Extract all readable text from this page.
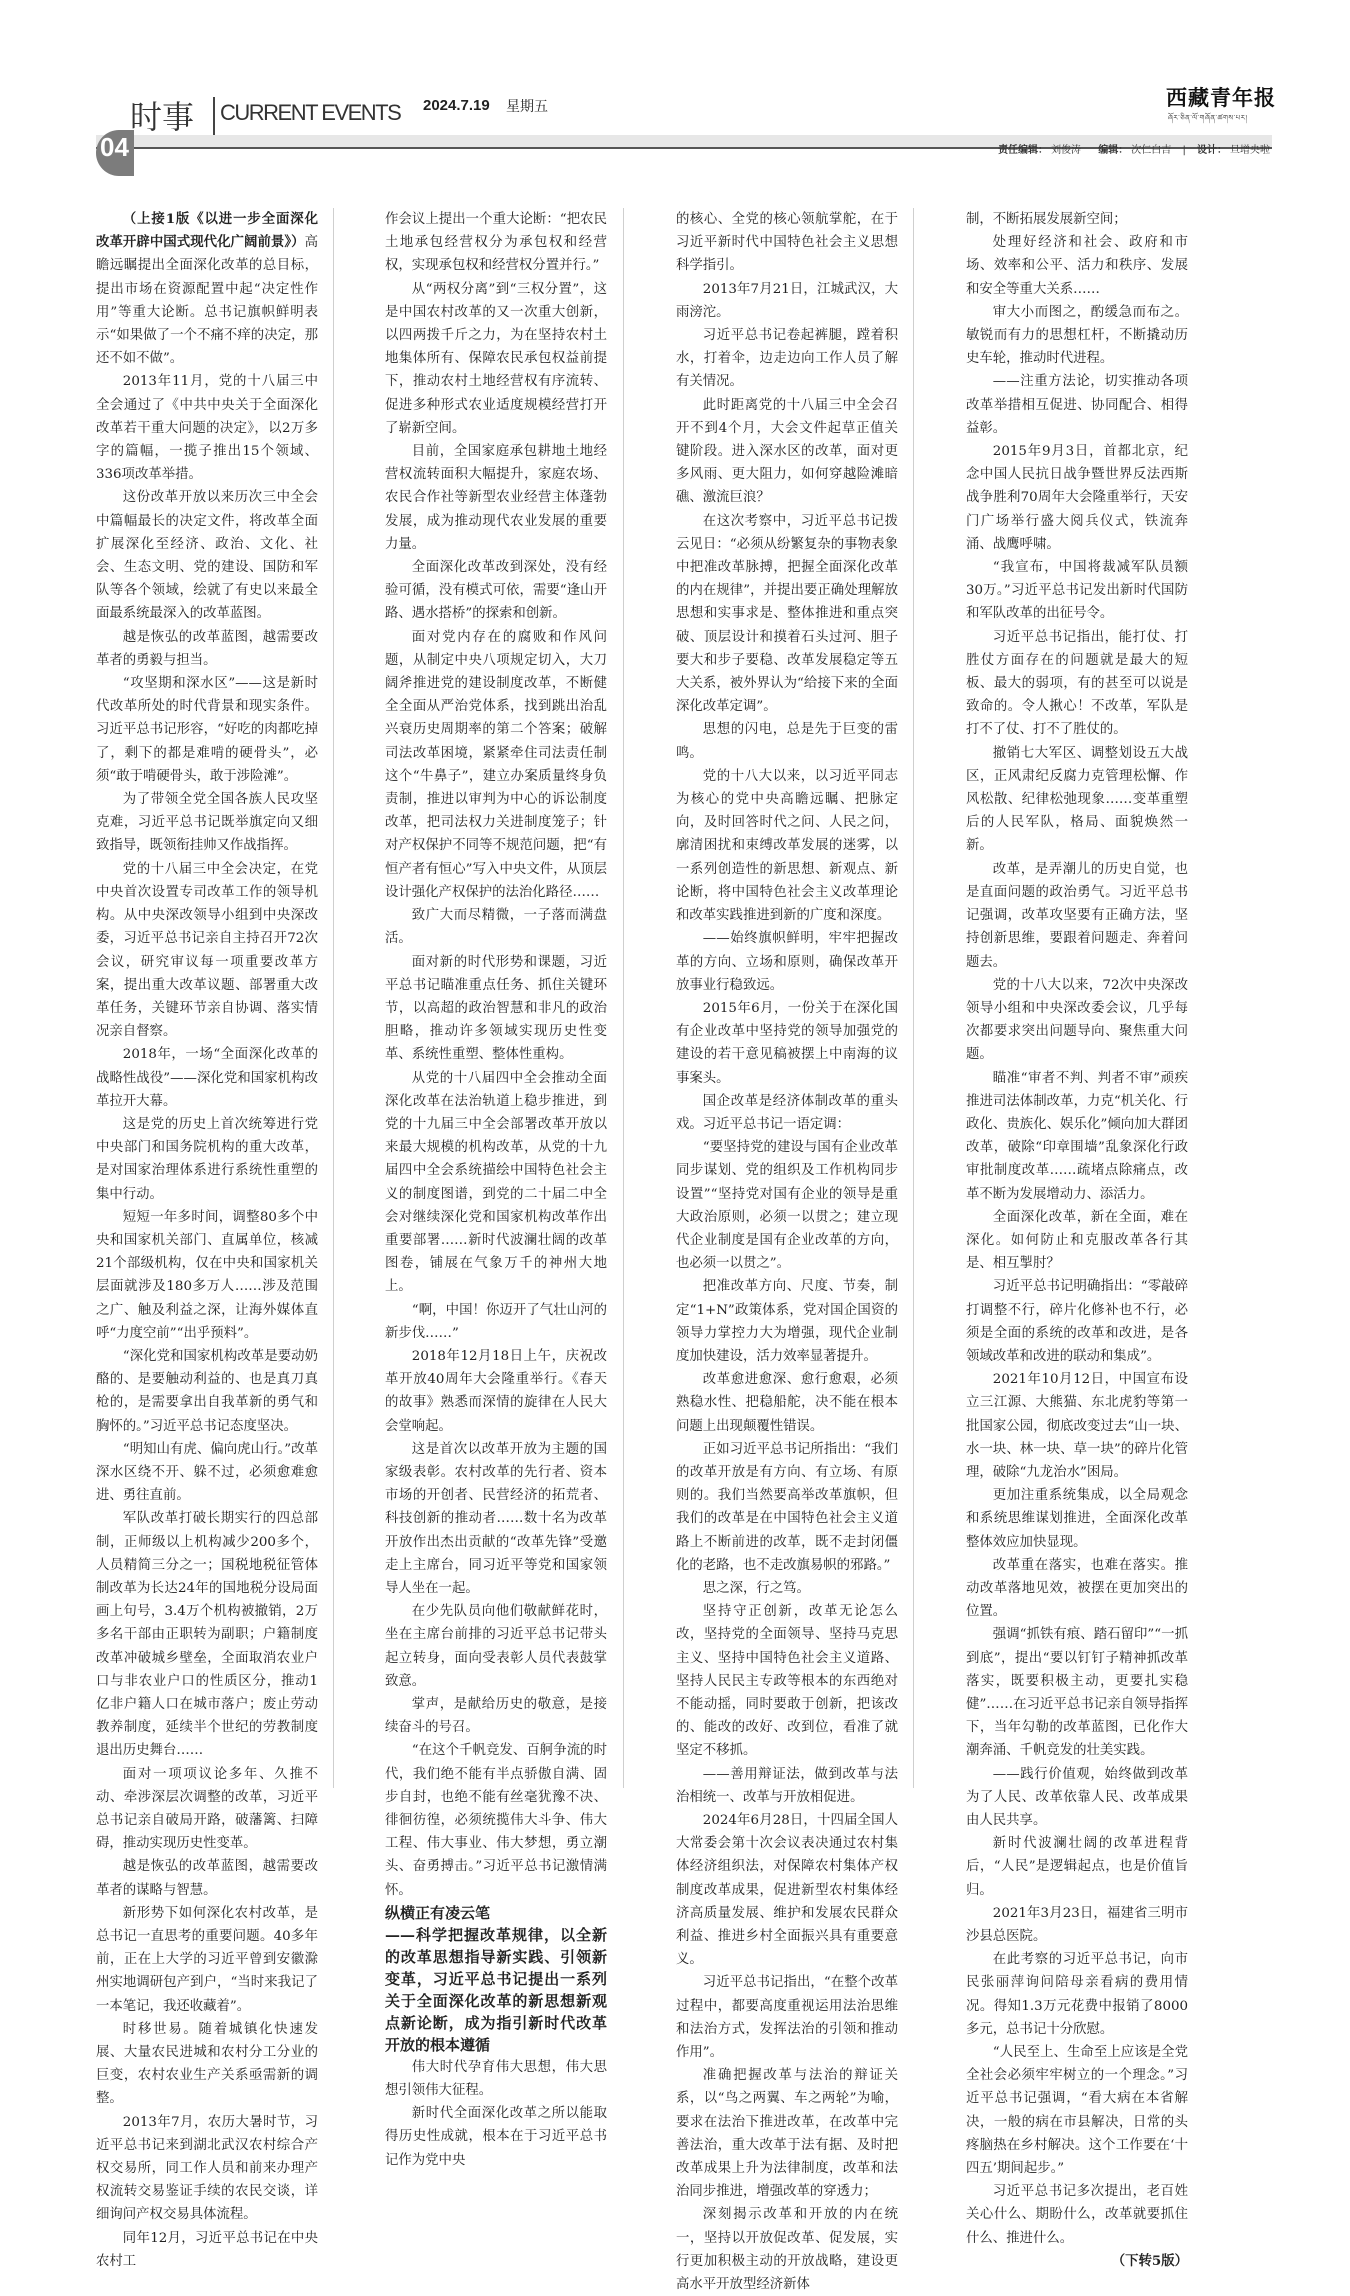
04
时事 CURRENT EVENTS 2024.7.19 星期五	西藏青年报
ཞོར་ཅིན་ལོ་གཞོན་ཚགས་པར།
责任编辑： 刘俊涛 编辑： 次仁白吉 | 设计： 旦增央啦

（上接1版《以进一步全面深化改革开辟中国式现代化广阔前景》）高瞻远瞩提出全面深化改革的总目标，提出市场在资源配置中起“决定性作用”等重大论断。总书记旗帜鲜明表示“如果做了一个不痛不痒的决定，那还不如不做”。

2013年11月，党的十八届三中全会通过了《中共中央关于全面深化改革若干重大问题的决定》，以2万多字的篇幅，一揽子推出15个领域、336项改革举措。

这份改革开放以来历次三中全会中篇幅最长的决定文件，将改革全面扩展深化至经济、政治、文化、社会、生态文明、党的建设、国防和军队等各个领域，绘就了有史以来最全面最系统最深入的改革蓝图。

越是恢弘的改革蓝图，越需要改革者的勇毅与担当。

“攻坚期和深水区”——这是新时代改革所处的时代背景和现实条件。习近平总书记形容，“好吃的肉都吃掉了，剩下的都是难啃的硬骨头”，必须“敢于啃硬骨头，敢于涉险滩”。

为了带领全党全国各族人民攻坚克难，习近平总书记既举旗定向又细致指导，既领衔挂帅又作战指挥。

党的十八届三中全会决定，在党中央首次设置专司改革工作的领导机构。从中央深改领导小组到中央深改委，习近平总书记亲自主持召开72次会议，研究审议每一项重要改革方案，提出重大改革议题、部署重大改革任务，关键环节亲自协调、落实情况亲自督察。

2018年，一场“全面深化改革的战略性战役”——深化党和国家机构改革拉开大幕。

这是党的历史上首次统筹进行党中央部门和国务院机构的重大改革，是对国家治理体系进行系统性重塑的集中行动。

短短一年多时间，调整80多个中央和国家机关部门、直属单位，核减21个部级机构，仅在中央和国家机关层面就涉及180多万人……涉及范围之广、触及利益之深，让海外媒体直呼“力度空前”“出乎预料”。

“深化党和国家机构改革是要动奶酪的、是要触动利益的、也是真刀真枪的，是需要拿出自我革新的勇气和胸怀的。”习近平总书记态度坚决。

“明知山有虎、偏向虎山行。”改革深水区绕不开、躲不过，必须愈难愈进、勇往直前。

军队改革打破长期实行的四总部制，正师级以上机构减少200多个，人员精简三分之一；国税地税征管体制改革为长达24年的国地税分设局面画上句号，3.4万个机构被撤销，2万多名干部由正职转为副职；户籍制度改革冲破城乡壁垒，全面取消农业户口与非农业户口的性质区分，推动1亿非户籍人口在城市落户；废止劳动教养制度，延续半个世纪的劳教制度退出历史舞台……

面对一项项议论多年、久推不动、牵涉深层次调整的改革，习近平总书记亲自破局开路，破藩篱、扫障碍，推动实现历史性变革。

越是恢弘的改革蓝图，越需要改革者的谋略与智慧。

新形势下如何深化农村改革，是总书记一直思考的重要问题。40多年前，正在上大学的习近平曾到安徽滁州实地调研包产到户，“当时来我记了一本笔记，我还收藏着”。

时移世易。随着城镇化快速发展、大量农民进城和农村分工分业的巨变，农村农业生产关系亟需新的调整。

2013年7月，农历大暑时节，习近平总书记来到湖北武汉农村综合产权交易所，同工作人员和前来办理产权流转交易鉴证手续的农民交谈，详细询问产权交易具体流程。

同年12月，习近平总书记在中央农村工

作会议上提出一个重大论断：“把农民土地承包经营权分为承包权和经营权，实现承包权和经营权分置并行。”

从“两权分离”到“三权分置”，这是中国农村改革的又一次重大创新，以四两拨千斤之力，为在坚持农村土地集体所有、保障农民承包权益前提下，推动农村土地经营权有序流转、促进多种形式农业适度规模经营打开了崭新空间。

目前，全国家庭承包耕地土地经营权流转面积大幅提升，家庭农场、农民合作社等新型农业经营主体蓬勃发展，成为推动现代农业发展的重要力量。

全面深化改革改到深处，没有经验可循，没有模式可依，需要“逢山开路、遇水搭桥”的探索和创新。

面对党内存在的腐败和作风问题，从制定中央八项规定切入，大刀阔斧推进党的建设制度改革，不断健全全面从严治党体系，找到跳出治乱兴衰历史周期率的第二个答案；破解司法改革困境，紧紧牵住司法责任制这个“牛鼻子”，建立办案质量终身负责制，推进以审判为中心的诉讼制度改革，把司法权力关进制度笼子；针对产权保护不同等不规范问题，把“有恒产者有恒心”写入中央文件，从顶层设计强化产权保护的法治化路径……

致广大而尽精微，一子落而满盘活。

面对新的时代形势和课题，习近平总书记瞄准重点任务、抓住关键环节，以高超的政治智慧和非凡的政治胆略，推动许多领域实现历史性变革、系统性重塑、整体性重构。

从党的十八届四中全会推动全面深化改革在法治轨道上稳步推进，到党的十九届三中全会部署改革开放以来最大规模的机构改革，从党的十九届四中全会系统描绘中国特色社会主义的制度图谱，到党的二十届二中全会对继续深化党和国家机构改革作出重要部署……新时代波澜壮阔的改革图卷，铺展在气象万千的神州大地上。

“啊，中国！你迈开了气壮山河的新步伐……”

2018年12月18日上午，庆祝改革开放40周年大会隆重举行。《春天的故事》熟悉而深情的旋律在人民大会堂响起。

这是首次以改革开放为主题的国家级表彰。农村改革的先行者、资本市场的开创者、民营经济的拓荒者、科技创新的推动者……数十名为改革开放作出杰出贡献的“改革先锋”受邀走上主席台，同习近平等党和国家领导人坐在一起。

在少先队员向他们敬献鲜花时，坐在主席台前排的习近平总书记带头起立转身，面向受表彰人员代表鼓掌致意。

掌声，是献给历史的敬意，是接续奋斗的号召。

“在这个千帆竞发、百舸争流的时代，我们绝不能有半点骄傲自满、固步自封，也绝不能有丝毫犹豫不决、徘徊彷徨，必须统揽伟大斗争、伟大工程、伟大事业、伟大梦想，勇立潮头、奋勇搏击。”习近平总书记激情满怀。

纵横正有凌云笔

——科学把握改革规律，以全新的改革思想指导新实践、引领新变革，习近平总书记提出一系列关于全面深化改革的新思想新观点新论断，成为指引新时代改革开放的根本遵循

伟大时代孕育伟大思想，伟大思想引领伟大征程。

新时代全面深化改革之所以能取得历史性成就，根本在于习近平总书记作为党中央

的核心、全党的核心领航掌舵，在于习近平新时代中国特色社会主义思想科学指引。

2013年7月21日，江城武汉，大雨滂沱。

习近平总书记卷起裤腿，蹚着积水，打着伞，边走边向工作人员了解有关情况。

此时距离党的十八届三中全会召开不到4个月，大会文件起草正值关键阶段。进入深水区的改革，面对更多风雨、更大阻力，如何穿越险滩暗礁、激流巨浪？

在这次考察中，习近平总书记拨云见日：“必须从纷繁复杂的事物表象中把准改革脉搏，把握全面深化改革的内在规律”，并提出要正确处理解放思想和实事求是、整体推进和重点突破、顶层设计和摸着石头过河、胆子要大和步子要稳、改革发展稳定等五大关系，被外界认为“给接下来的全面深化改革定调”。

思想的闪电，总是先于巨变的雷鸣。

党的十八大以来，以习近平同志为核心的党中央高瞻远瞩、把脉定向，及时回答时代之问、人民之问，廓清困扰和束缚改革发展的迷雾，以一系列创造性的新思想、新观点、新论断，将中国特色社会主义改革理论和改革实践推进到新的广度和深度。

——始终旗帜鲜明，牢牢把握改革的方向、立场和原则，确保改革开放事业行稳致远。

2015年6月，一份关于在深化国有企业改革中坚持党的领导加强党的建设的若干意见稿被摆上中南海的议事案头。

国企改革是经济体制改革的重头戏。习近平总书记一语定调：

“要坚持党的建设与国有企业改革同步谋划、党的组织及工作机构同步设置”“坚持党对国有企业的领导是重大政治原则，必须一以贯之；建立现代企业制度是国有企业改革的方向，也必须一以贯之”。

把准改革方向、尺度、节奏，制定“1+N”政策体系，党对国企国资的领导力掌控力大为增强，现代企业制度加快建设，活力效率显著提升。

改革愈进愈深、愈行愈艰，必须熟稳水性、把稳船舵，决不能在根本问题上出现颠覆性错误。

正如习近平总书记所指出：“我们的改革开放是有方向、有立场、有原则的。我们当然要高举改革旗帜，但我们的改革是在中国特色社会主义道路上不断前进的改革，既不走封闭僵化的老路，也不走改旗易帜的邪路。”

思之深，行之笃。

坚持守正创新，改革无论怎么改，坚持党的全面领导、坚持马克思主义、坚持中国特色社会主义道路、坚持人民民主专政等根本的东西绝对不能动摇，同时要敢于创新，把该改的、能改的改好、改到位，看准了就坚定不移抓。

——善用辩证法，做到改革与法治相统一、改革与开放相促进。

2024年6月28日，十四届全国人大常委会第十次会议表决通过农村集体经济组织法，对保障农村集体产权制度改革成果，促进新型农村集体经济高质量发展、维护和发展农民群众利益、推进乡村全面振兴具有重要意义。

习近平总书记指出，“在整个改革过程中，都要高度重视运用法治思维和法治方式，发挥法治的引领和推动作用”。

准确把握改革与法治的辩证关系，以“鸟之两翼、车之两轮”为喻，要求在法治下推进改革，在改革中完善法治，重大改革于法有据、及时把改革成果上升为法律制度，改革和法治同步推进，增强改革的穿透力；

深刻揭示改革和开放的内在统一，坚持以开放促改革、促发展，实行更加积极主动的开放战略，建设更高水平开放型经济新体

制，不断拓展发展新空间；

处理好经济和社会、政府和市场、效率和公平、活力和秩序、发展和安全等重大关系……

审大小而图之，酌缓急而布之。敏锐而有力的思想杠杆，不断撬动历史车轮，推动时代进程。

——注重方法论，切实推动各项改革举措相互促进、协同配合、相得益彰。

2015年9月3日，首都北京，纪念中国人民抗日战争暨世界反法西斯战争胜利70周年大会隆重举行，天安门广场举行盛大阅兵仪式，铁流奔涌、战鹰呼啸。

“我宣布，中国将裁减军队员额30万。”习近平总书记发出新时代国防和军队改革的出征号令。

习近平总书记指出，能打仗、打胜仗方面存在的问题就是最大的短板、最大的弱项，有的甚至可以说是致命的。令人揪心！不改革，军队是打不了仗、打不了胜仗的。

撤销七大军区、调整划设五大战区，正风肃纪反腐力克管理松懈、作风松散、纪律松弛现象……变革重塑后的人民军队，格局、面貌焕然一新。

改革，是弄潮儿的历史自觉，也是直面问题的政治勇气。习近平总书记强调，改革攻坚要有正确方法，坚持创新思维，要跟着问题走、奔着问题去。

党的十八大以来，72次中央深改领导小组和中央深改委会议，几乎每次都要求突出问题导向、聚焦重大问题。

瞄准“审者不判、判者不审”顽疾推进司法体制改革，力克“机关化、行政化、贵族化、娱乐化”倾向加大群团改革，破除“印章围墙”乱象深化行政审批制度改革……疏堵点除痛点，改革不断为发展增动力、添活力。

全面深化改革，新在全面，难在深化。如何防止和克服改革各行其是、相互掣肘？

习近平总书记明确指出：“零敲碎打调整不行，碎片化修补也不行，必须是全面的系统的改革和改进，是各领域改革和改进的联动和集成”。

2021年10月12日，中国宣布设立三江源、大熊猫、东北虎豹等第一批国家公园，彻底改变过去“山一块、水一块、林一块、草一块”的碎片化管理，破除“九龙治水”困局。

更加注重系统集成，以全局观念和系统思维谋划推进，全面深化改革整体效应加快显现。

改革重在落实，也难在落实。推动改革落地见效，被摆在更加突出的位置。

强调“抓铁有痕、踏石留印”“一抓到底”，提出“要以钉钉子精神抓改革落实，既要积极主动，更要扎实稳健”……在习近平总书记亲自领导指挥下，当年勾勒的改革蓝图，已化作大潮奔涌、千帆竞发的壮美实践。

——践行价值观，始终做到改革为了人民、改革依靠人民、改革成果由人民共享。

新时代波澜壮阔的改革进程背后，“人民”是逻辑起点，也是价值旨归。

2021年3月23日，福建省三明市沙县总医院。

在此考察的习近平总书记，向市民张丽萍询问陪母亲看病的费用情况。得知1.3万元花费中报销了8000多元，总书记十分欣慰。

“人民至上、生命至上应该是全党全社会必须牢牢树立的一个理念。”习近平总书记强调，“看大病在本省解决，一般的病在市县解决，日常的头疼脑热在乡村解决。这个工作要在‘十四五’期间起步。”

习近平总书记多次提出，老百姓关心什么、期盼什么，改革就要抓住什么、推进什么。

（下转5版）
